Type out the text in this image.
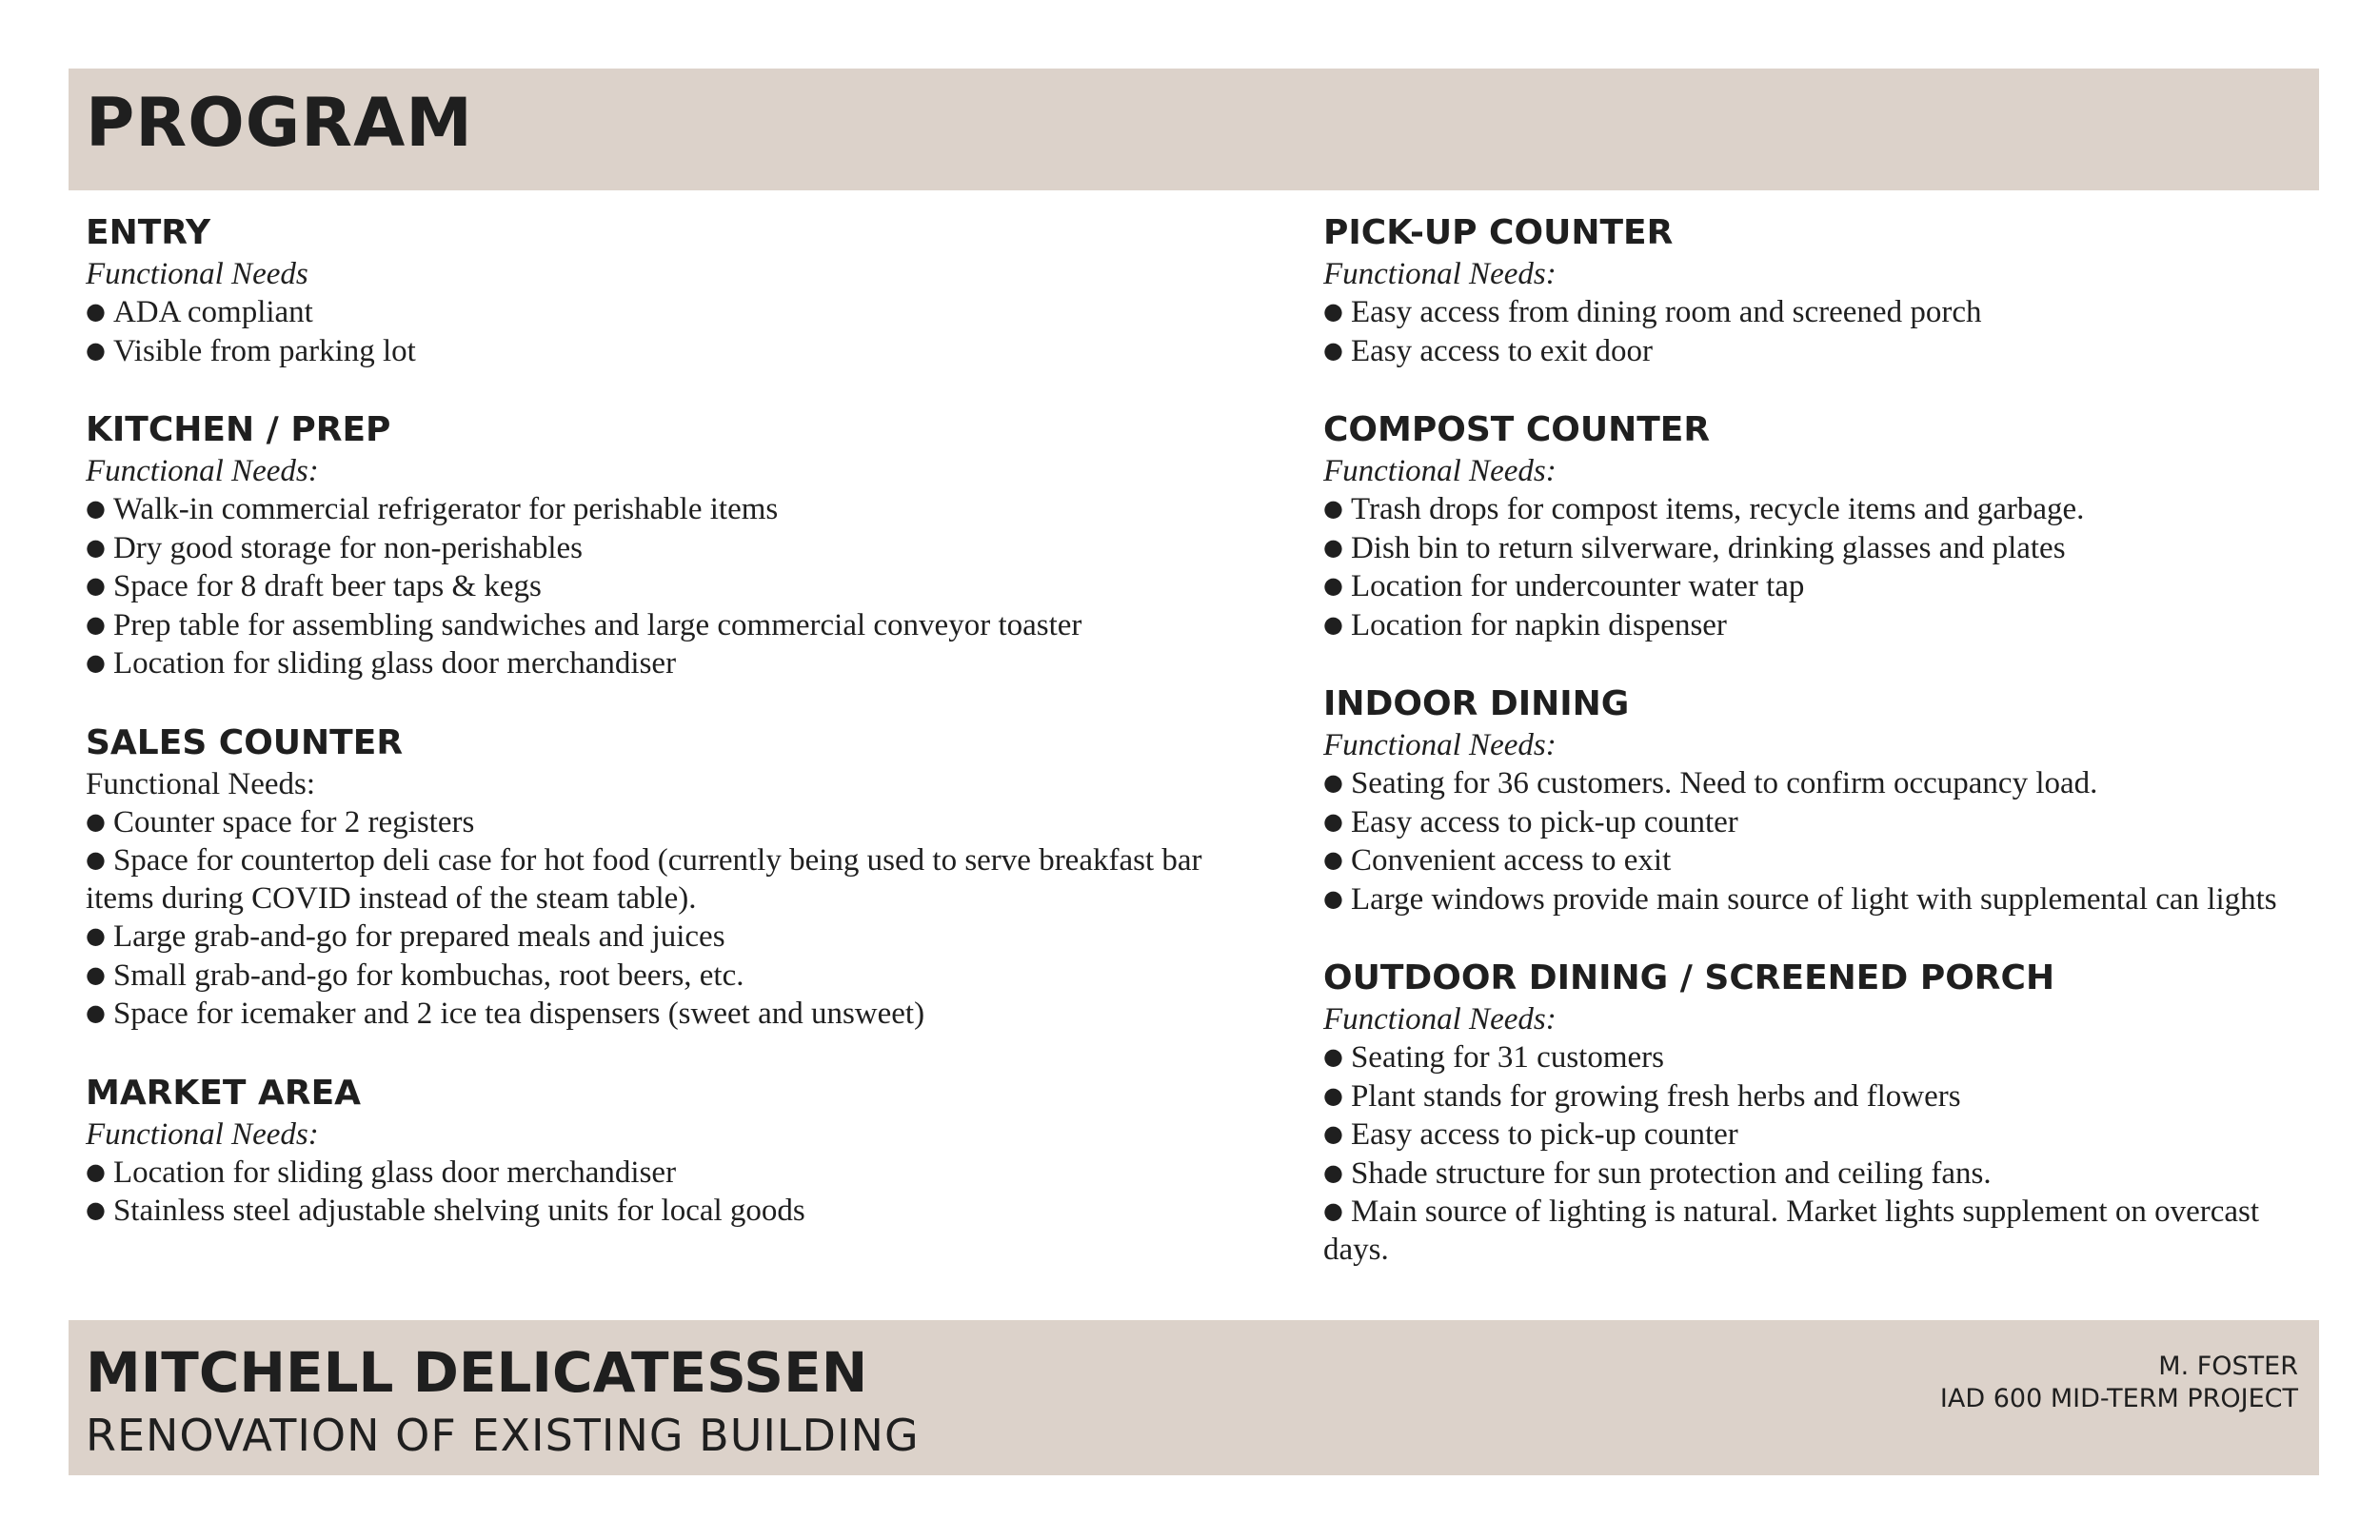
PROGRAM
ENTRY

Functional Needs

● ADA compliant
● Visible from parking lot
KITCHEN / PREP

Functional Needs:

● Walk-in commercial refrigerator for perishable items
● Dry good storage for non-perishables
● Space for 8 draft beer taps & kegs
● Prep table for assembling sandwiches and large commercial conveyor toaster
● Location for sliding glass door merchandiser
SALES COUNTER

Functional Needs:

● Counter space for 2 registers
● Space for countertop deli case for hot food (currently being used to serve breakfast bar items during COVID instead of the steam table).
● Large grab-and-go for prepared meals and juices
● Small grab-and-go for kombuchas, root beers, etc.
● Space for icemaker and 2 ice tea dispensers (sweet and unsweet)
MARKET AREA

Functional Needs:

● Location for sliding glass door merchandiser
● Stainless steel adjustable shelving units for local goods
PICK-UP COUNTER

Functional Needs:

● Easy access from dining room and screened porch
● Easy access to exit door
COMPOST COUNTER

Functional Needs:

● Trash drops for compost items, recycle items and garbage.
● Dish bin to return silverware, drinking glasses and plates
● Location for undercounter water tap
● Location for napkin dispenser
INDOOR DINING

Functional Needs:

● Seating for 36 customers. Need to confirm occupancy load.
● Easy access to pick-up counter
● Convenient access to exit
● Large windows provide main source of light with supplemental can lights
OUTDOOR DINING / SCREENED PORCH

Functional Needs:

● Seating for 31 customers
● Plant stands for growing fresh herbs and flowers
● Easy access to pick-up counter
● Shade structure for sun protection and ceiling fans.
● Main source of lighting is natural. Market lights supplement on overcast days.
MITCHELL DELICATESSEN
RENOVATION OF EXISTING BUILDING
M. FOSTER
IAD 600 MID-TERM PROJECT
